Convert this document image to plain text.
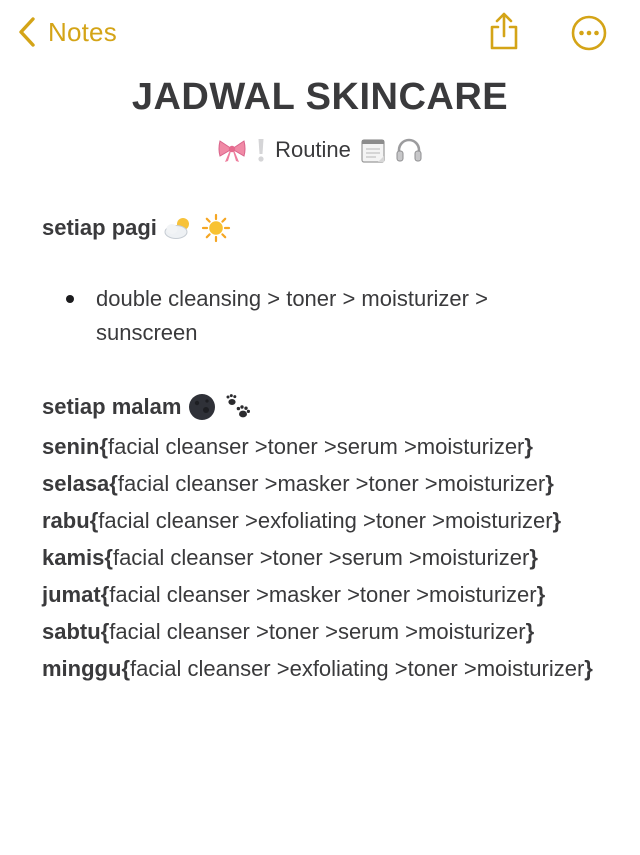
Notes
JADWAL SKINCARE
Routine
setiap pagi
double cleansing > toner > moisturizer > sunscreen
setiap malam
senin{facial cleanser >toner >serum >moisturizer}
selasa{facial cleanser >masker >toner >moisturizer}
rabu{facial cleanser >exfoliating >toner >moisturizer}
kamis{facial cleanser >toner >serum >moisturizer}
jumat{facial cleanser >masker >toner >moisturizer}
sabtu{facial cleanser >toner >serum >moisturizer}
minggu{facial cleanser >exfoliating >toner >moisturizer}
